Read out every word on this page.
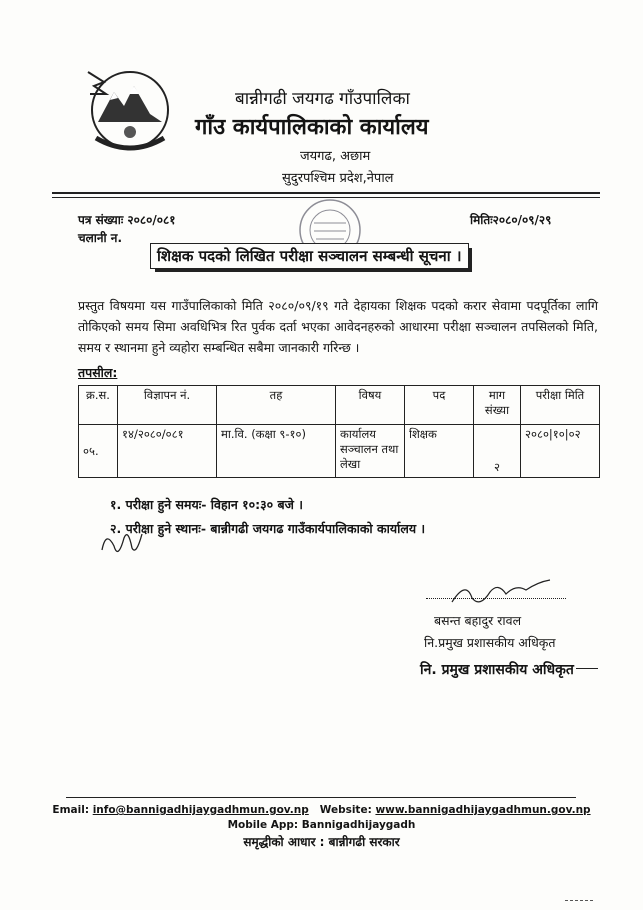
बान्नीगढी जयगढ गाँउपालिका
गाँउ कार्यपालिकाको कार्यालय
जयगढ, अछाम
सुदुरपश्चिम प्रदेश,नेपाल
पत्र संख्याः २०८०/०८१
चलानी न.
मितिः२०८०/०९/२९
शिक्षक पदको लिखित परीक्षा सञ्चालन सम्बन्धी सूचना ।
प्रस्तुत विषयमा यस गाउँपालिकाको मिति २०८०/०९/१९ गते देहायका शिक्षक पदको करार सेवामा पदपूर्तिका लागि तोकिएको समय सिमा अवधिभित्र रित पुर्वक दर्ता भएका आवेदनहरुको आधारमा परीक्षा सञ्चालन तपसिलको मिति, समय र स्थानमा हुने व्यहोरा सम्बन्धित सबैमा जानकारी गरिन्छ ।
तपसील:
क्र.स.	विज्ञापन नं.	तह	विषय	पद	माग संख्या	परीक्षा मिति
०५.	१४/२०८०/०८१	मा.वि. (कक्षा ९-१०)	कार्यालय सञ्चालन तथा लेखा	शिक्षक	२	२०८०|१०|०२
१. परीक्षा हुने समयः- विहान १०:३० बजे ।
२. परीक्षा हुने स्थानः- बान्नीगढी जयगढ गाउँकार्यपालिकाको कार्यालय ।
बसन्त बहादुर रावल
नि.प्रमुख प्रशासकीय अधिकृत
नि. प्रमुख प्रशासकीय अधिकृत
Email: info@bannigadhijaygadhmun.gov.np Website: www.bannigadhijaygadhmun.gov.np
Mobile App: Bannigadhijaygadh
समृद्धीको आधार : बान्नीगढी सरकार
